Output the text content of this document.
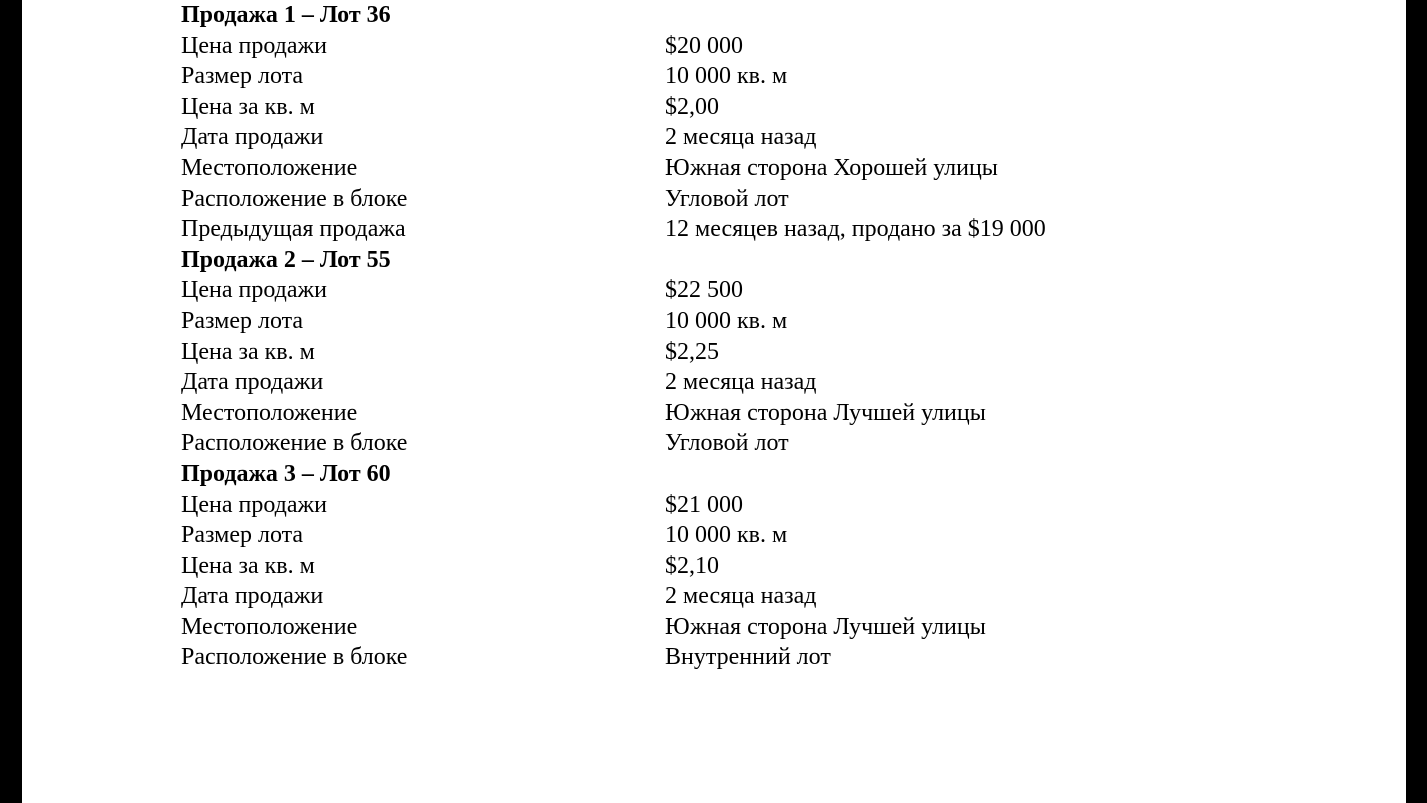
Продажа 1 – Лот 36
Цена продажи	$20 000
Размер лота	10 000 кв. м
Цена за кв. м	$2,00
Дата продажи	2 месяца назад
Местоположение	Южная сторона Хорошей улицы
Расположение в блоке	Угловой лот
Предыдущая продажа	12 месяцев назад, продано за $19 000
Продажа 2 – Лот 55
Цена продажи	$22 500
Размер лота	10 000 кв. м
Цена за кв. м	$2,25
Дата продажи	2 месяца назад
Местоположение	Южная сторона Лучшей улицы
Расположение в блоке	Угловой лот
Продажа 3 – Лот 60
Цена продажи	$21 000
Размер лота	10 000 кв. м
Цена за кв. м	$2,10
Дата продажи	2 месяца назад
Местоположение	Южная сторона Лучшей улицы
Расположение в блоке	Внутренний лот
